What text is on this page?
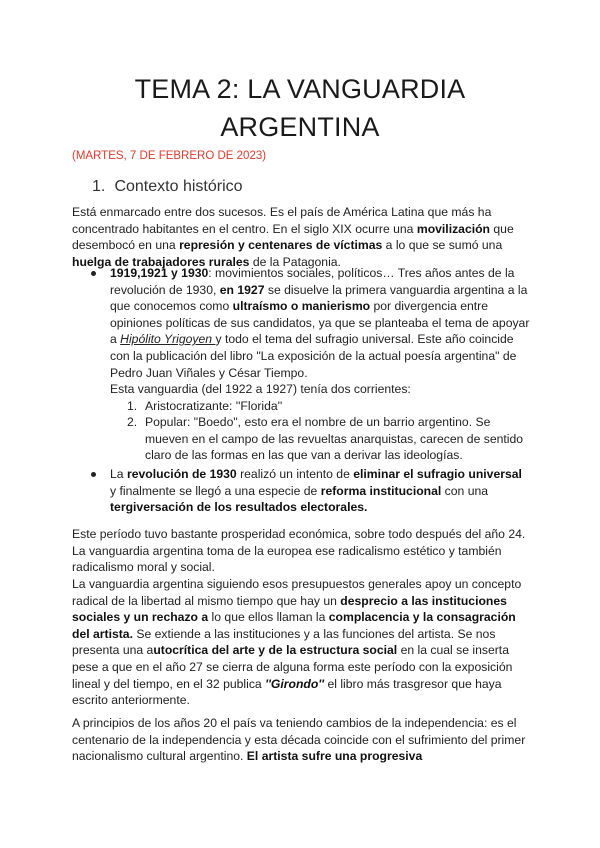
TEMA 2: LA VANGUARDIA
ARGENTINA
(MARTES, 7 DE FEBRERO DE 2023)
1. Contexto histórico

Está enmarcado entre dos sucesos. Es el país de América Latina que más ha concentrado habitantes en el centro. En el siglo XIX ocurre una movilización que desembocó en una represión y centenares de víctimas a lo que se sumó una huelga de trabajadores rurales de la Patagonia.

1919,1921 y 1930: movimientos sociales, políticos… Tres años antes de la revolución de 1930, en 1927 se disuelve la primera vanguardia argentina a la que conocemos como ultraísmo o manierismo por divergencia entre opiniones políticas de sus candidatos, ya que se planteaba el tema de apoyar a Hipólito Yrigoyen y todo el tema del sufragio universal. Este año coincide con la publicación del libro "La exposición de la actual poesía argentina" de Pedro Juan Viñales y César Tiempo.
Esta vanguardia (del 1922 a 1927) tenía dos corrientes:

1. Aristocratizante: ''Florida''

2. Popular: "Boedo", esto era el nombre de un barrio argentino. Se mueven en el campo de las revueltas anarquistas, carecen de sentido claro de las formas en las que van a derivar las ideologías.

La revolución de 1930 realizó un intento de eliminar el sufragio universal y finalmente se llegó a una especie de reforma institucional con una tergiversación de los resultados electorales.

Este período tuvo bastante prosperidad económica, sobre todo después del año 24. La vanguardia argentina toma de la europea ese radicalismo estético y también radicalismo moral y social.

La vanguardia argentina siguiendo esos presupuestos generales apoy un concepto radical de la libertad al mismo tiempo que hay un desprecio a las instituciones sociales y un rechazo a lo que ellos llaman la complacencia y la consagración del artista. Se extiende a las instituciones y a las funciones del artista. Se nos presenta una autocrítica del arte y de la estructura social en la cual se inserta pese a que en el año 27 se cierra de alguna forma este período con la exposición lineal y del tiempo, en el 32 publica ''Girondo'' el libro más trasgresor que haya escrito anteriormente.

A principios de los años 20 el país va teniendo cambios de la independencia: es el centenario de la independencia y esta década coincide con el sufrimiento del primer nacionalismo cultural argentino. El artista sufre una progresiva
